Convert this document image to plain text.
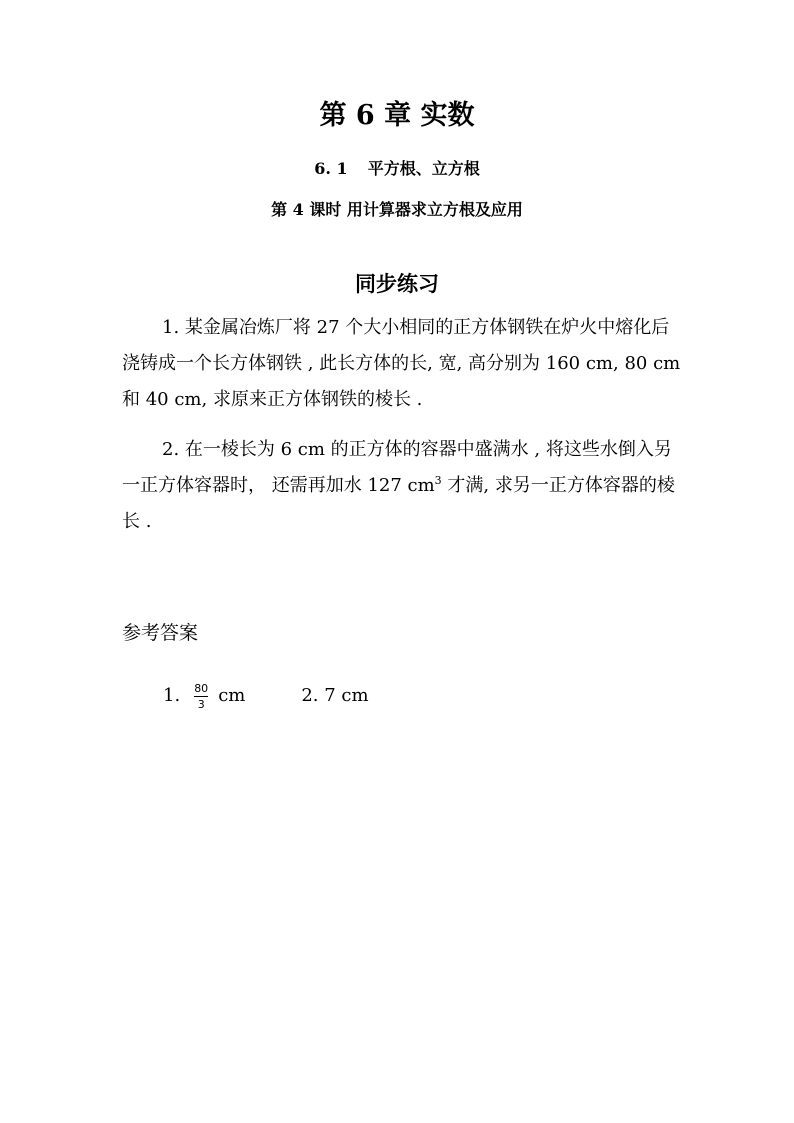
第 6 章 实数
6. 1 平方根、立方根
第 4 课时 用计算器求立方根及应用
同步练习

1. 某金属冶炼厂将 27 个大小相同的正方体钢铁在炉火中熔化后浇铸成一个长方体钢铁 , 此长方体的长, 宽, 高分别为 160 cm, 80 cm 和 40 cm, 求原来正方体钢铁的棱长 .

2. 在一棱长为 6 cm 的正方体的容器中盛满水 , 将这些水倒入另一正方体容器时， 还需再加水 127 $cm^3$ 才满, 求另一正方体容器的棱长 .

参考答案
1. $\frac{80}{3}$ cm	2. 7 cm
